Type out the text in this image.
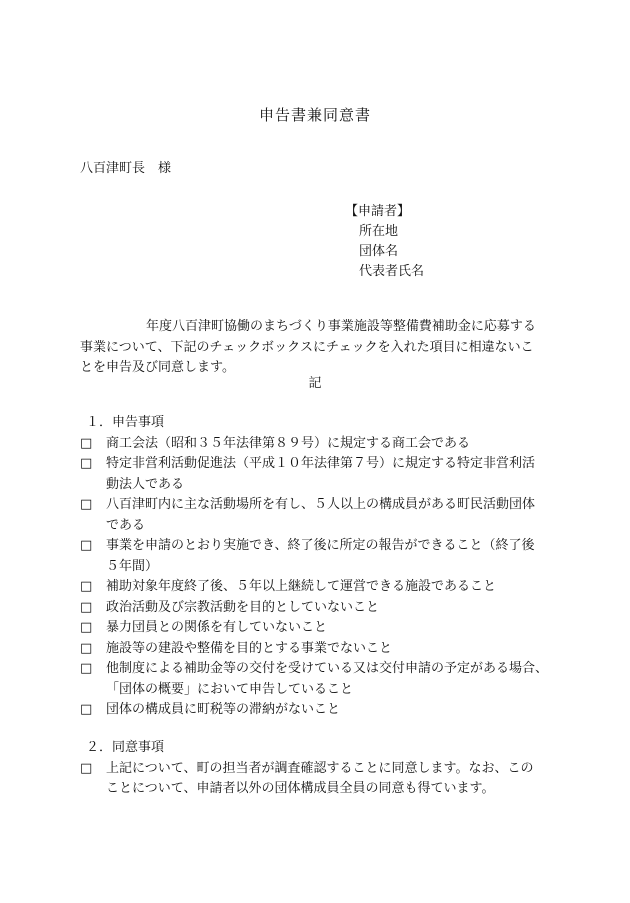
申告書兼同意書
八百津町長　様
【申請者】
所在地
団体名
代表者氏名
年度八百津町協働のまちづくり事業施設等整備費補助金に応募する
事業について、下記のチェックボックスにチェックを入れた項目に相違ないこ
とを申告及び同意します。
記
１．申告事項
□	商工会法（昭和３５年法律第８９号）に規定する商工会である
□	特定非営利活動促進法（平成１０年法律第７号）に規定する特定非営利活
動法人である
□	八百津町内に主な活動場所を有し、５人以上の構成員がある町民活動団体
である
□	事業を申請のとおり実施でき、終了後に所定の報告ができること（終了後
５年間）
□	補助対象年度終了後、５年以上継続して運営できる施設であること
□	政治活動及び宗教活動を目的としていないこと
□	暴力団員との関係を有していないこと
□	施設等の建設や整備を目的とする事業でないこと
□	他制度による補助金等の交付を受けている又は交付申請の予定がある場合、
「団体の概要」において申告していること
□	団体の構成員に町税等の滞納がないこと
２．同意事項
□	上記について、町の担当者が調査確認することに同意します。なお、この
ことについて、申請者以外の団体構成員全員の同意も得ています。
